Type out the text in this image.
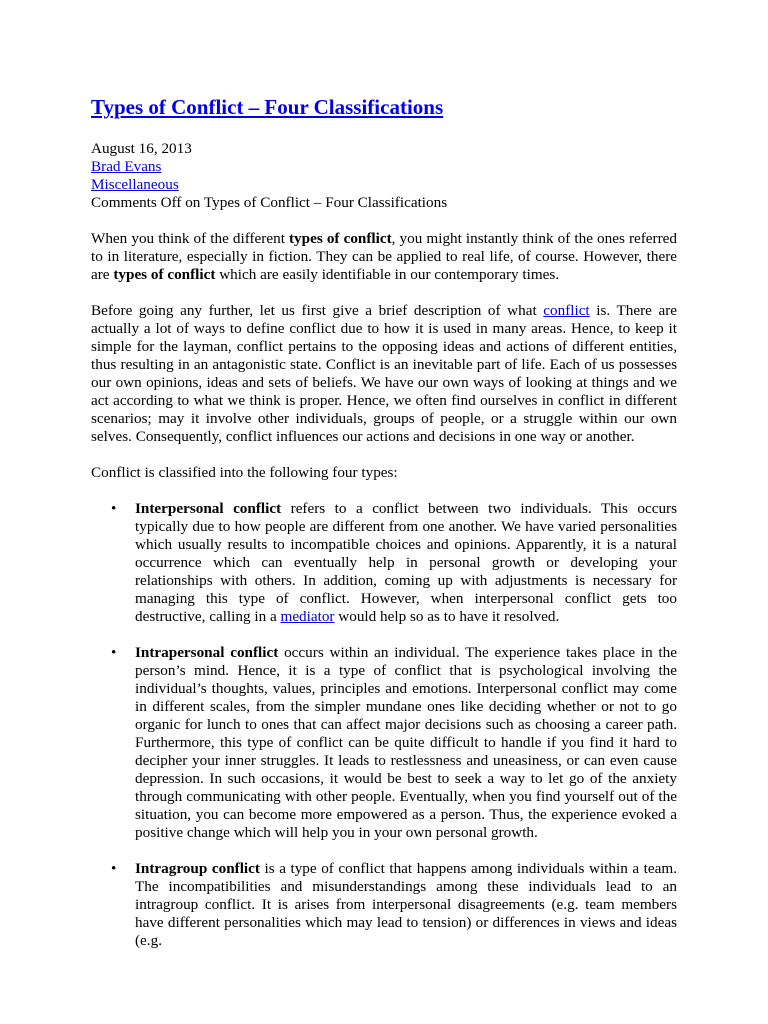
Types of Conflict – Four Classifications
August 16, 2013
Brad Evans
Miscellaneous
Comments Off on Types of Conflict – Four Classifications

When you think of the different types of conflict, you might instantly think of the ones referred to in literature, especially in fiction. They can be applied to real life, of course. However, there are types of conflict which are easily identifiable in our contemporary times.

Before going any further, let us first give a brief description of what conflict is. There are actually a lot of ways to define conflict due to how it is used in many areas. Hence, to keep it simple for the layman, conflict pertains to the opposing ideas and actions of different entities, thus resulting in an antagonistic state. Conflict is an inevitable part of life. Each of us possesses our own opinions, ideas and sets of beliefs. We have our own ways of looking at things and we act according to what we think is proper. Hence, we often find ourselves in conflict in different scenarios; may it involve other individuals, groups of people, or a struggle within our own selves. Consequently, conflict influences our actions and decisions in one way or another.

Conflict is classified into the following four types:

• Interpersonal conflict refers to a conflict between two individuals. This occurs typically due to how people are different from one another. We have varied personalities which usually results to incompatible choices and opinions. Apparently, it is a natural occurrence which can eventually help in personal growth or developing your relationships with others. In addition, coming up with adjustments is necessary for managing this type of conflict. However, when interpersonal conflict gets too destructive, calling in a mediator would help so as to have it resolved.
• Intrapersonal conflict occurs within an individual. The experience takes place in the person’s mind. Hence, it is a type of conflict that is psychological involving the individual’s thoughts, values, principles and emotions. Interpersonal conflict may come in different scales, from the simpler mundane ones like deciding whether or not to go organic for lunch to ones that can affect major decisions such as choosing a career path. Furthermore, this type of conflict can be quite difficult to handle if you find it hard to decipher your inner struggles. It leads to restlessness and uneasiness, or can even cause depression. In such occasions, it would be best to seek a way to let go of the anxiety through communicating with other people. Eventually, when you find yourself out of the situation, you can become more empowered as a person. Thus, the experience evoked a positive change which will help you in your own personal growth.
• Intragroup conflict is a type of conflict that happens among individuals within a team. The incompatibilities and misunderstandings among these individuals lead to an intragroup conflict. It is arises from interpersonal disagreements (e.g. team members have different personalities which may lead to tension) or differences in views and ideas (e.g.
